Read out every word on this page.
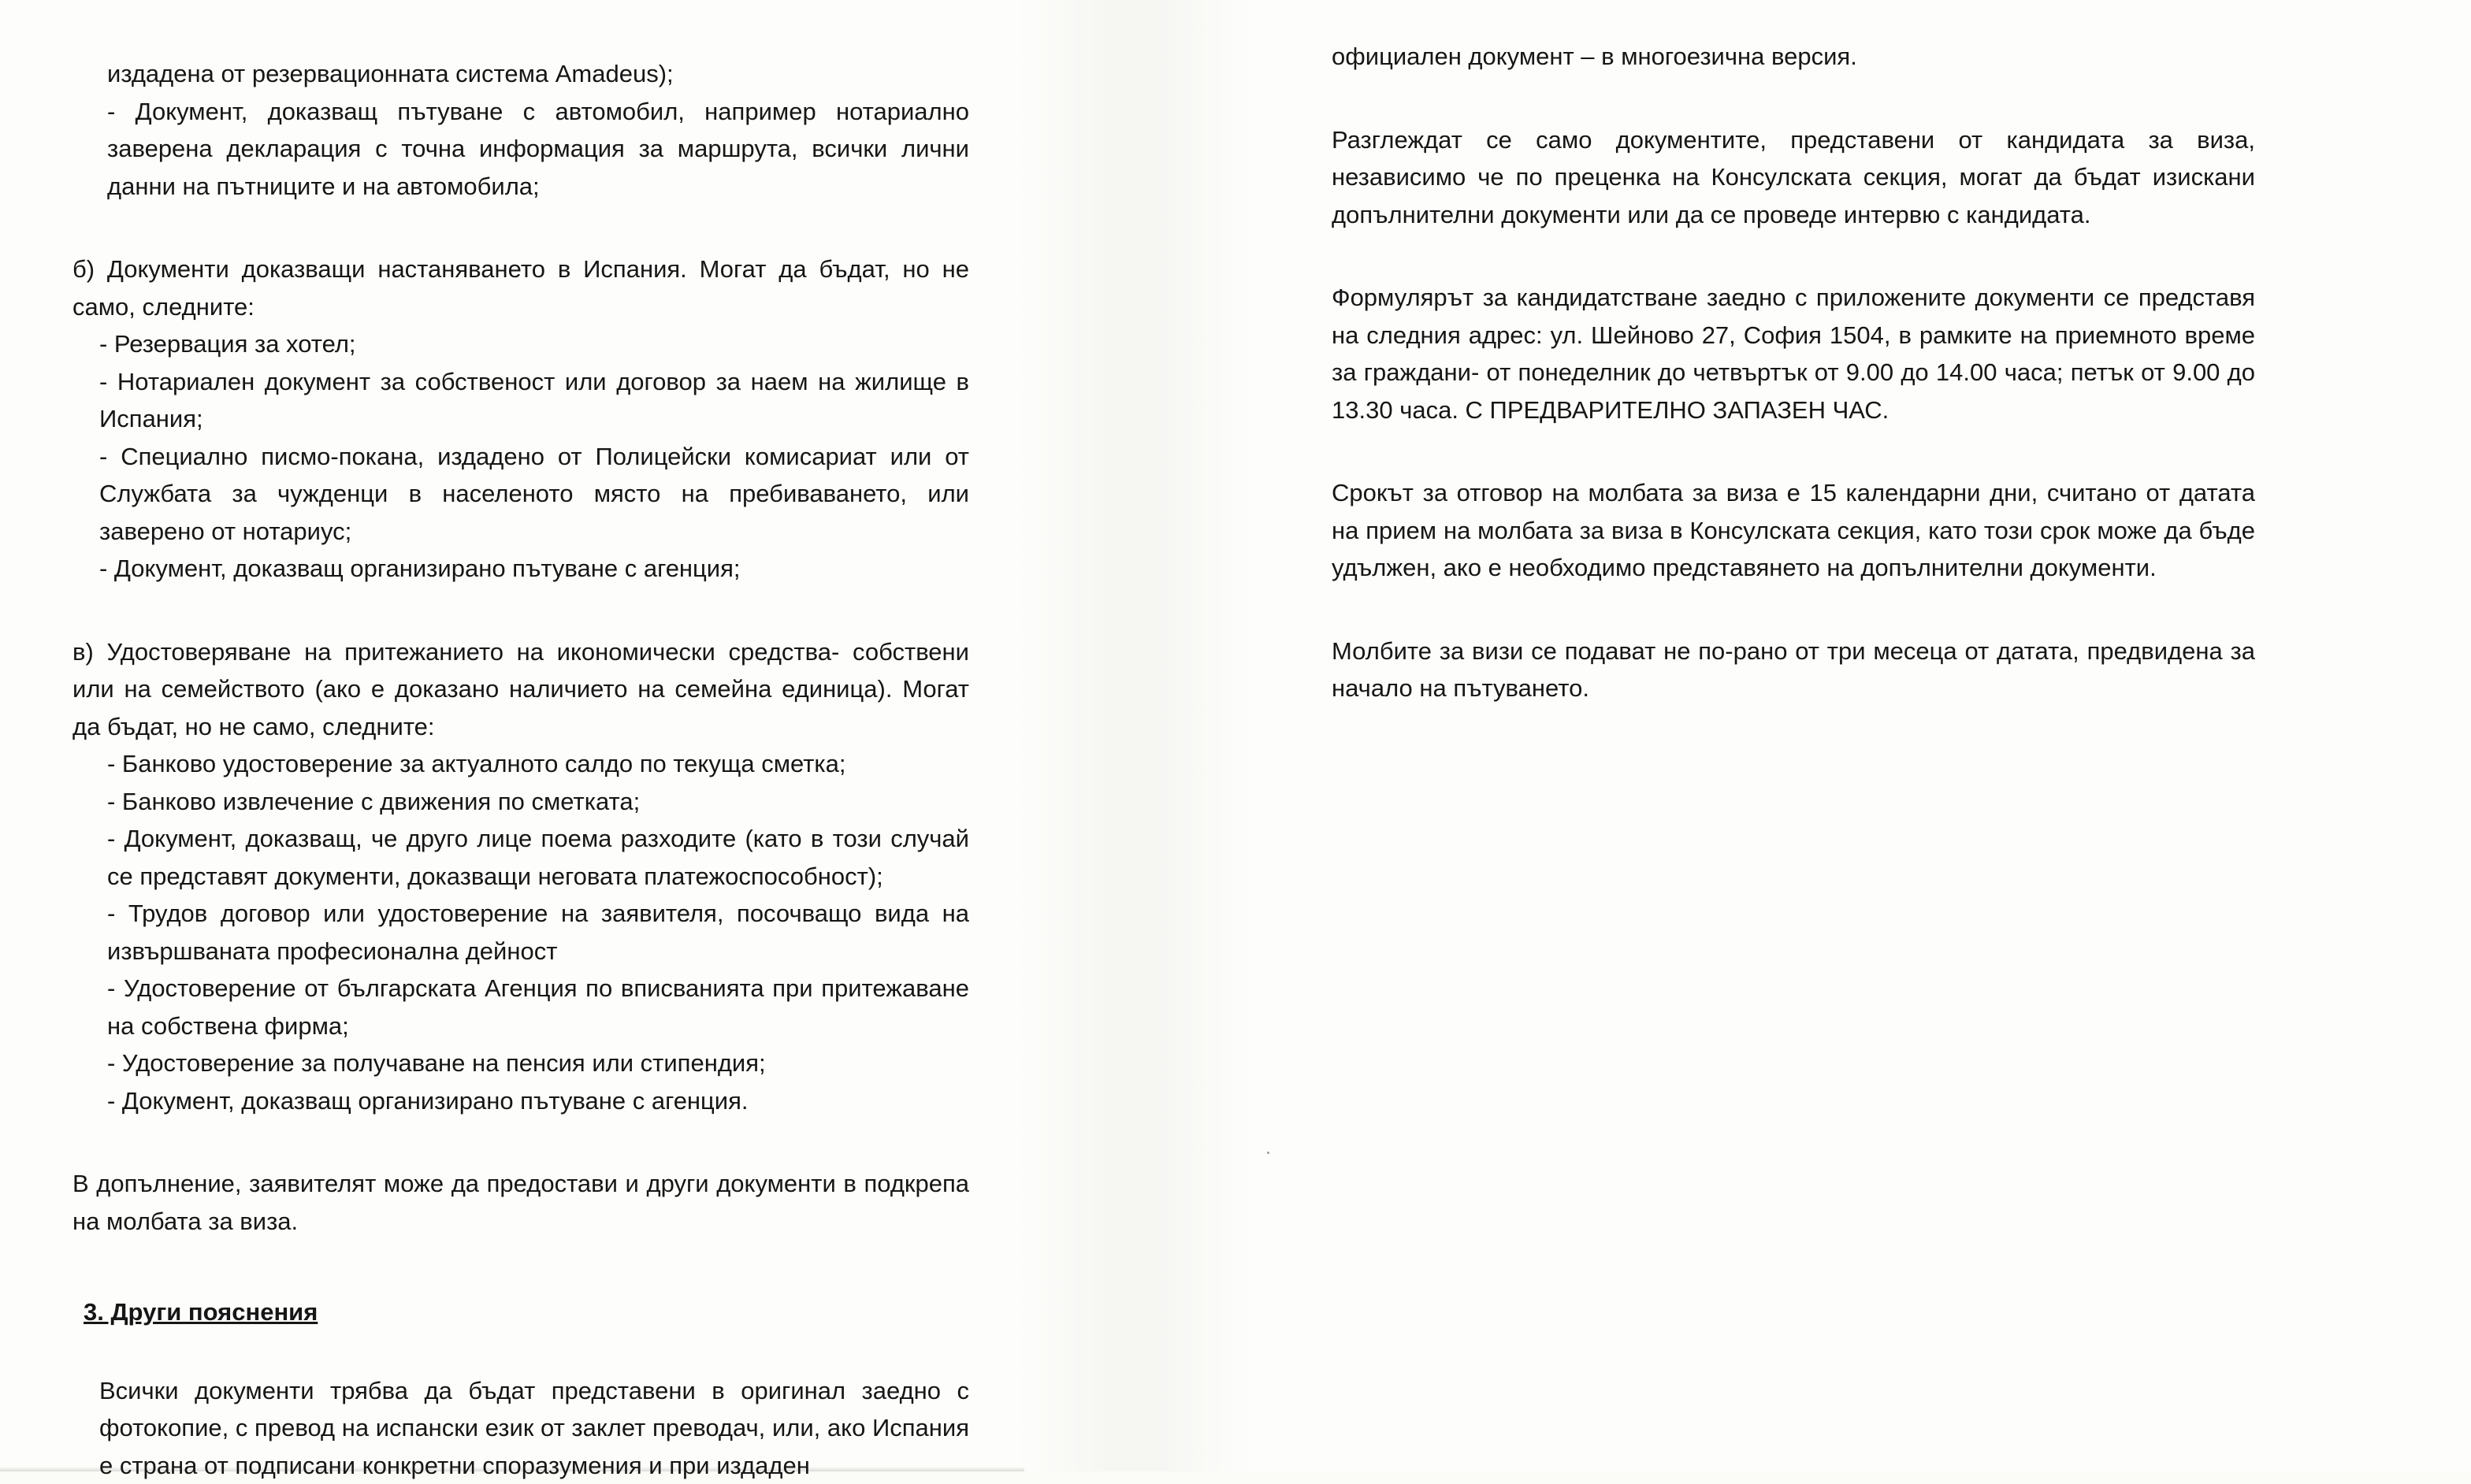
издадена от резервационната система Amadeus);

- Документ, доказващ пътуване с автомобил, например нотариално заверена декларация с точна информация за маршрута, всички лични данни на пътниците и на автомобила;

б) Документи доказващи настаняването в Испания. Могат да бъдат, но не само, следните:

- Резервация за хотел;

- Нотариален документ за собственост или договор за наем на жилище в Испания;

- Специално писмо-покана, издадено от Полицейски комисариат или от Службата за чужденци в населеното място на пребиваването, или заверено от нотариус;

- Документ, доказващ организирано пътуване с агенция;

в) Удостоверяване на притежанието на икономически средства- собствени или на семейството (ако е доказано наличието на семейна единица). Могат да бъдат, но не само, следните:

- Банково удостоверение за актуалното салдо по текуща сметка;

- Банково извлечение с движения по сметката;

- Документ, доказващ, че друго лице поема разходите (като в този случай се представят документи, доказващи неговата платежоспособност);

- Трудов договор или удостоверение на заявителя, посочващо вида на извършваната професионална дейност

- Удостоверение от българската Агенция по вписванията при притежаване на собствена фирма;

- Удостоверение за получаване на пенсия или стипендия;

- Документ, доказващ организирано пътуване с агенция.

В допълнение, заявителят може да предостави и други документи в подкрепа на молбата за виза.

3. Други пояснения

Всички документи трябва да бъдат представени в оригинал заедно с фотокопие, с превод на испански език от заклет преводач, или, ако Испания е страна от подписани конкретни споразумения и при издаден

официален документ – в многоезична версия.

Разглеждат се само документите, представени от кандидата за виза, независимо че по преценка на Консулската секция, могат да бъдат изискани допълнителни документи или да се проведе интервю с кандидата.

Формулярът за кандидатстване заедно с приложените документи се представя на следния адрес: ул. Шейново 27, София 1504, в рамките на приемното време за граждани- от понеделник до четвъртък от 9.00 до 14.00 часа; петък от 9.00 до 13.30 часа. С ПРЕДВАРИТЕЛНО ЗАПАЗЕН ЧАС.

Срокът за отговор на молбата за виза е 15 календарни дни, считано от датата на прием на молбата за виза в Консулската секция, като този срок може да бъде удължен, ако е необходимо представянето на допълнителни документи.

Молбите за визи се подават не по-рано от три месеца от датата, предвидена за начало на пътуването.
